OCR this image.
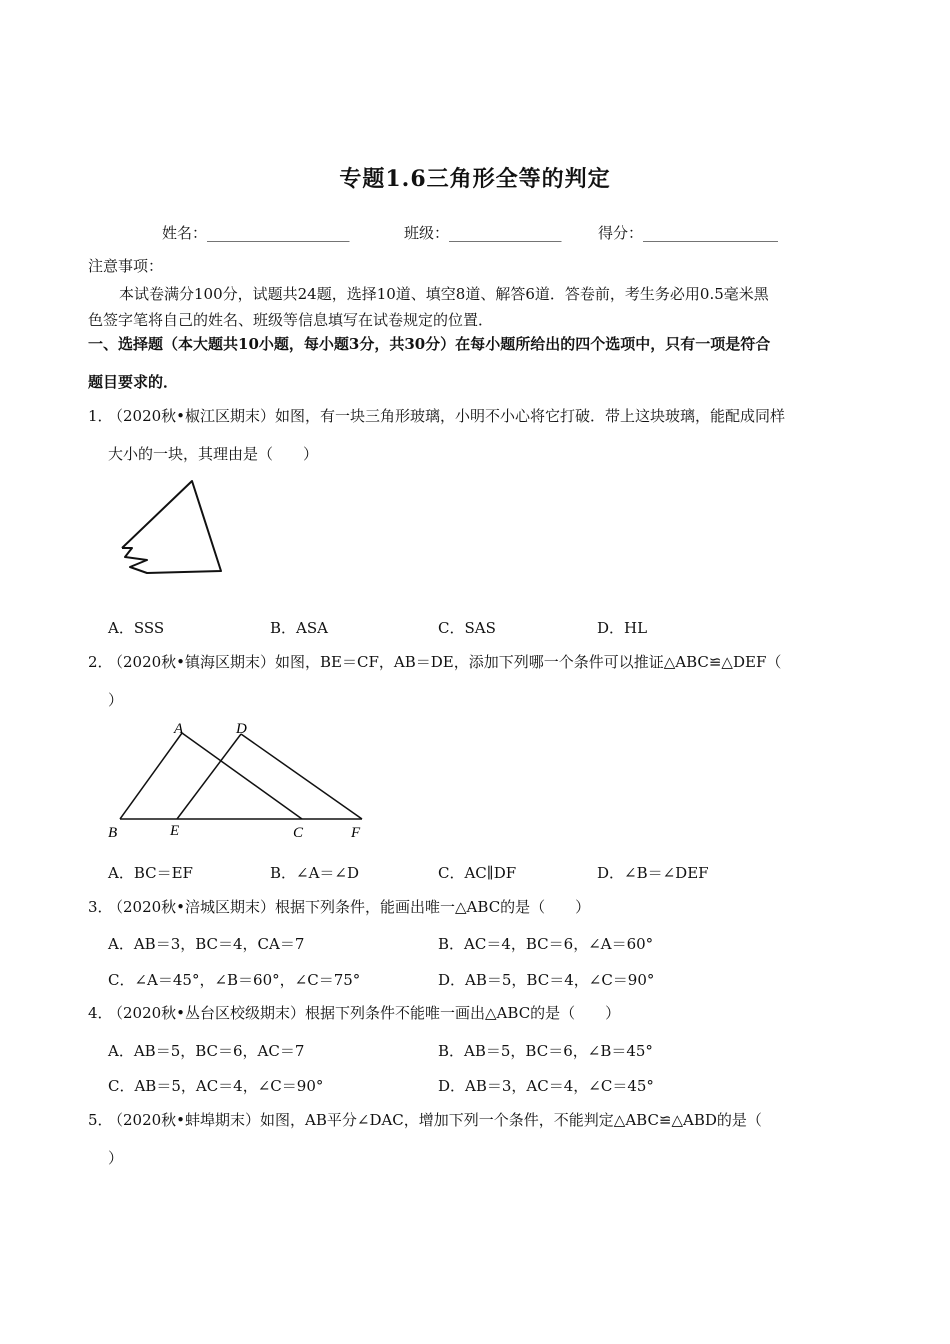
专题1.6三角形全等的判定
姓名：___________________	班级：_______________ 得分：__________________
注意事项：
本试卷满分100分，试题共24题，选择10道、填空8道、解答6道．答卷前，考生务必用0.5毫米黑
色签字笔将自己的姓名、班级等信息填写在试卷规定的位置．
一、选择题（本大题共10小题，每小题3分，共30分）在每小题所给出的四个选项中，只有一项是符合
题目要求的．
1．
（2020秋•椒江区期末）如图，有一块三角形玻璃，小明不小心将它打破．带上这块玻璃，能配成同样
大小的一块，其理由是（　　）
A．SSS	B．ASA	C．SAS	D．HL
2．
（2020秋•镇海区期末）如图，BE＝CF，AB＝DE，添加下列哪一个条件可以推证△ABC≌△DEF（
）
A	D
B	E	C	F
A．BC＝EF	B．∠A＝∠D	C．AC∥DF	D．∠B＝∠DEF
3．
（2020秋•涪城区期末）根据下列条件，能画出唯一△ABC的是（　　）
A．AB＝3，BC＝4，CA＝7	B．AC＝4，BC＝6，∠A＝60°
C．∠A＝45°，∠B＝60°，∠C＝75°	D．AB＝5，BC＝4，∠C＝90°
4．
（2020秋•丛台区校级期末）根据下列条件不能唯一画出△ABC的是（　　）
A．AB＝5，BC＝6，AC＝7	B．AB＝5，BC＝6，∠B＝45°
C．AB＝5，AC＝4，∠C＝90°	D．AB＝3，AC＝4，∠C＝45°
5．
（2020秋•蚌埠期末）如图，AB平分∠DAC，增加下列一个条件，不能判定△ABC≌△ABD的是（
）
